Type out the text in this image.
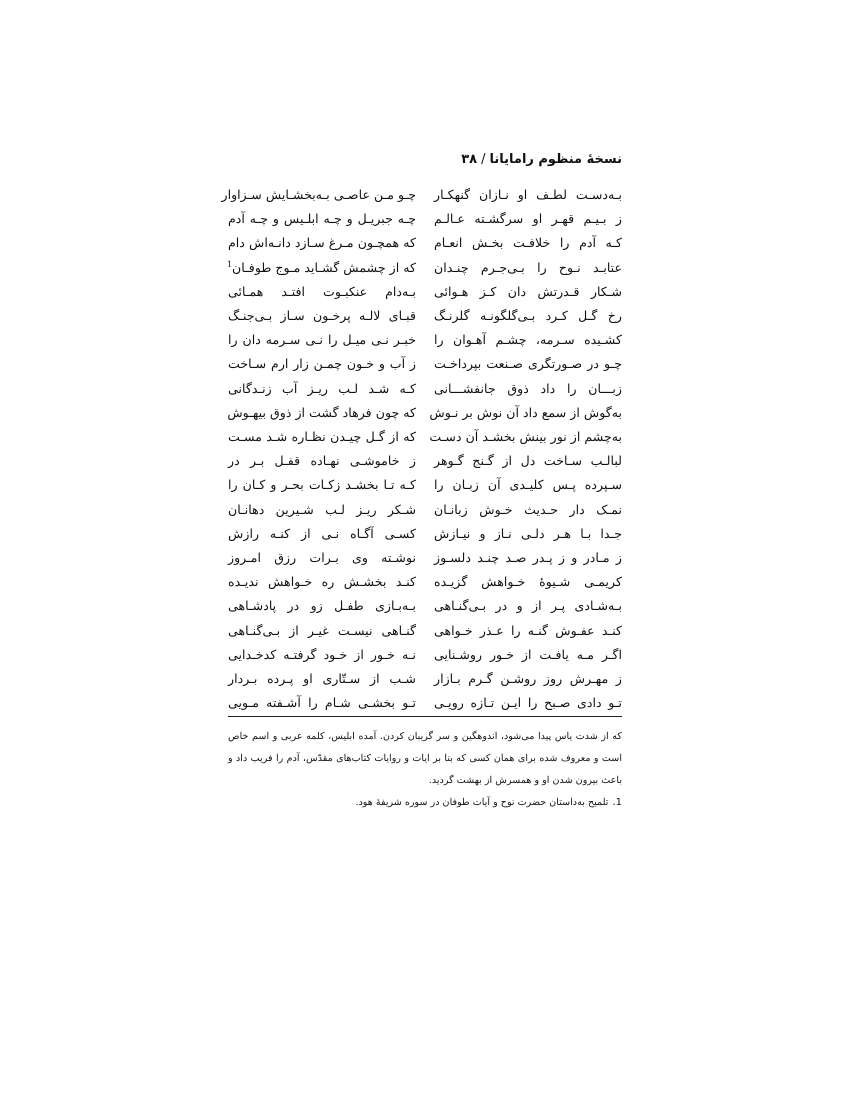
نسخهٔ منظوم رامایانا/۳۸
بـه‌دسـت لطـف او نـازان گنهکـار
چـو مـن عاصـی بـه‌بخشـایش سـزاوار
ز بـیـم قهـر او سرگشـته عـالـم
چـه جبریـل و چـه ابلـیس و چـه آدم
کـه آدم را خلافـت بخـش انعـام
که همچـون مـرغ سـازد دانـه‌اش دام
عتابـد نـوح را بـی‌جـرم چنـدان
که از چشمش گشـاید مـوج طوفـان$^1$
شـکار قـدرتش دان کـز هـوائی
بـه‌دام عنکبـوت افتـد همـائی
رخ گـل کـرد بـی‌گلگونـه گلرنـگ
قبـای لالـه پرخـون سـاز بـی‌جنـگ
کشـیده سـرمه، چشـم آهـوان را
خبـر نـی میـل را نـی سـرمه دان را
چـو در صـورتگری صـنعت بپرداخـت
ز آب و خـون چمـن زار ارم سـاخت
زبـــان را داد ذوق جانفشـــانی
کـه شـد لـب ریـز آب زنـدگانی
به‌گوش از سمع داد آن نوش بر نـوش
که چون فرهاد گشت از ذوق بیهـوش
به‌چشم از نور بینش بخشـد آن دسـت
که از گـل چیـدن نظـاره شـد مسـت
لبالـب سـاخت دل از گـنج گـوهر
ز خاموشـی نهـاده قفـل بـر در
سـپرده پـس کلیـدی آن زبـان را
کـه تـا بخشـد زکـات بحـر و کـان را
نمـک دار حـدیث خـوش زبانـان
شـکر ریـز لـب شـیرین دهانـان
جـدا بـا هـر دلـی نـاز و نیـازش
کسـی آگـاه نـی از کنـه رازش
ز مـادر و ز پـدر صـد چنـد دلسـوز
نوشـته وی بـرات رزق امـروز
کریمـی شـیوهٔ خـواهش گزیـده
کنـد بخشـش ره خـواهش ندیـده
بـه‌شـادی پـر از و در بـی‌گنـاهی
بـه‌بـازی طفـل زو در پادشـاهی
کنـد عفـوش گنـه را عـذر خـواهی
گنـاهی نیسـت غیـر از بـی‌گنـاهی
اگـر مـه یافـت از خـور روشـنایی
نـه خـور از خـود گرفتـه کدخـدایی
ز مهـرش روز روشـن گـرم بـازار
شـب از سـتّاری او پـرده بـردار
تـو دادی صـبح را ایـن تـازه رویـی
تـو بخشـی شـام را آشـفته مـویی

که از شدت یاس پیدا می‌شود، اندوهگین و سر گریبان کردن. آمده ابلیس، کلمه عربی و اسم خاص است و معروف شده برای همان کسی که بنا بر ایات و روایات کتاب‌های مقدّس، آدم را فریب داد و باعث بیرون شدن او و همسرش از بهشت گردید.

1.تلمیح به‌داستان حضرت نوح و آیات طوفان در سوره شریفهٔ هود.
